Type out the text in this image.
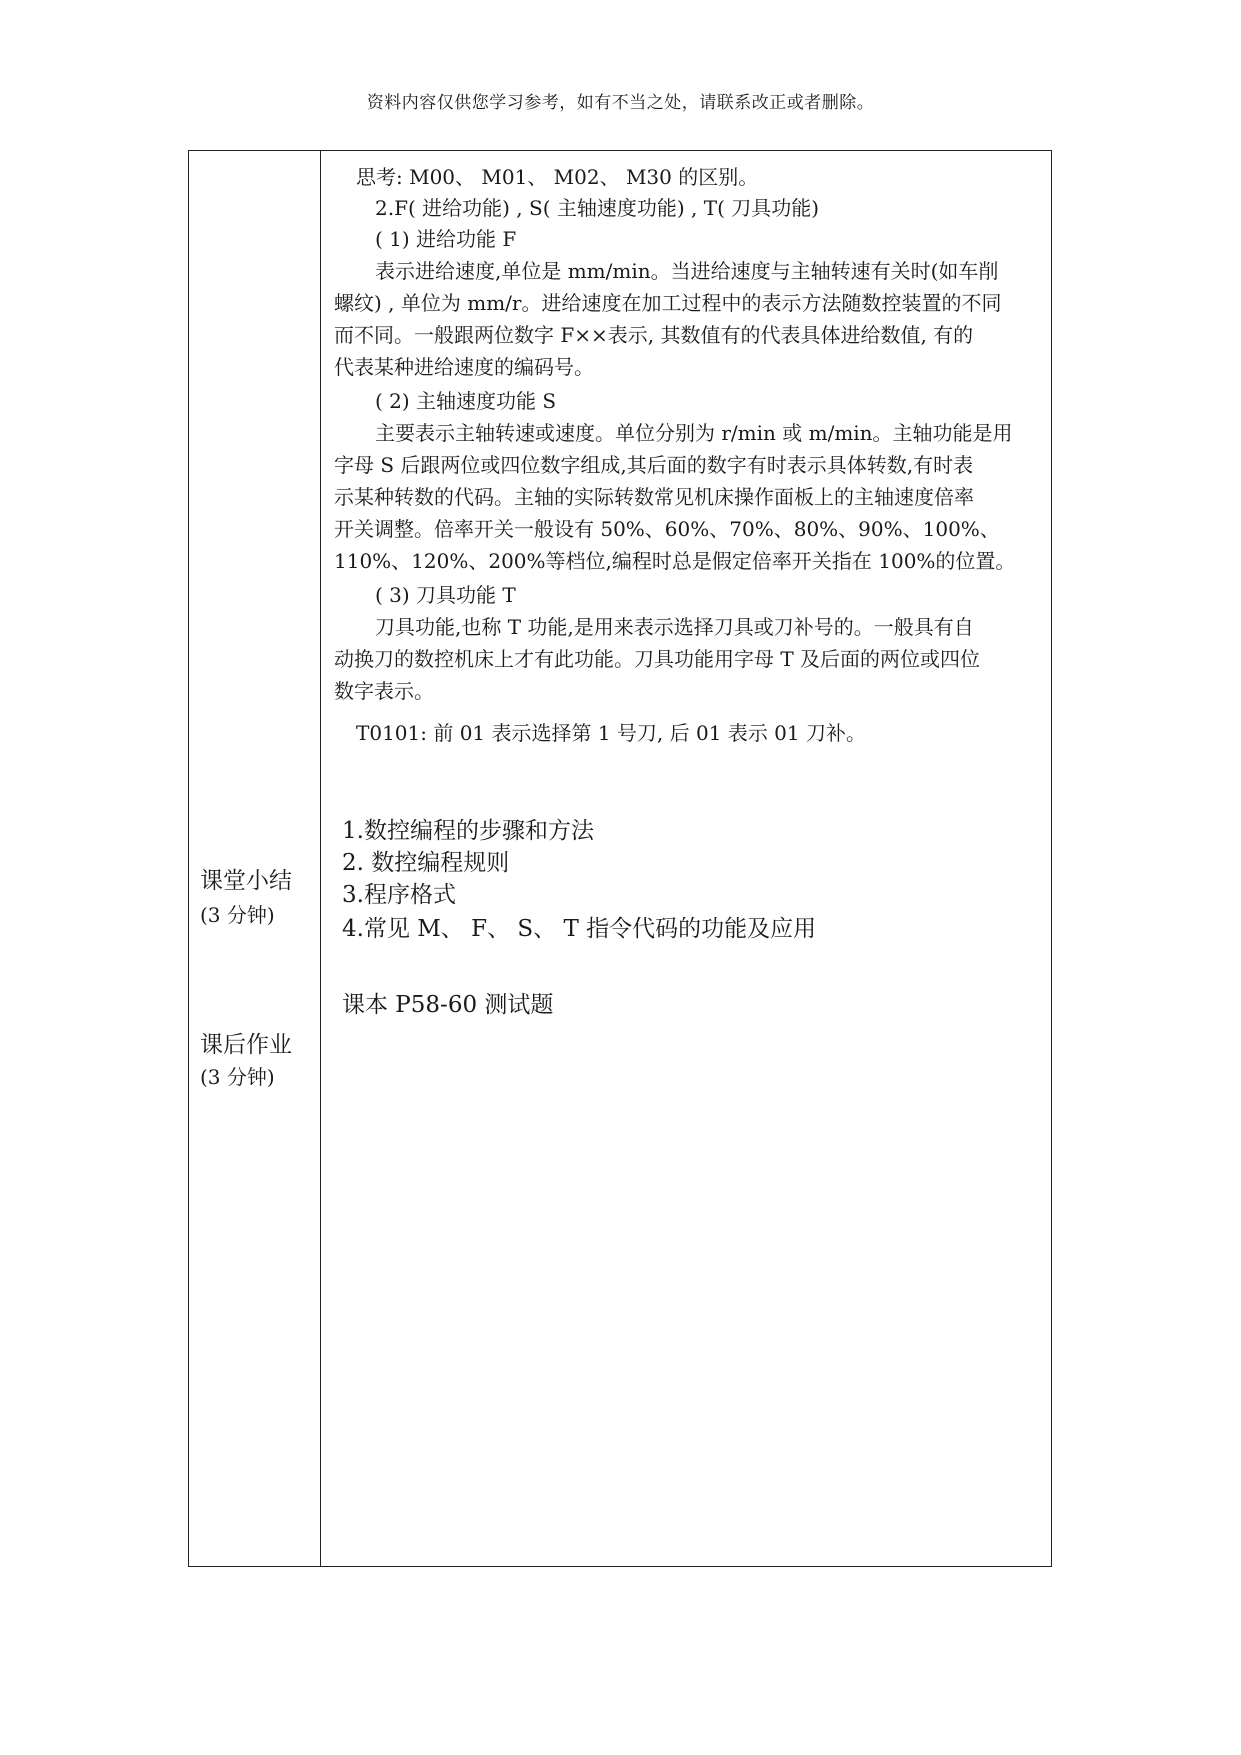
资料内容仅供您学习参考，如有不当之处，请联系改正或者删除。
思考: M00、 M01、 M02、 M30 的区别。
2.F( 进给功能) , S( 主轴速度功能) , T( 刀具功能)
( 1) 进给功能 F
表示进给速度,单位是 mm/min。当进给速度与主轴转速有关时(如车削
螺纹) , 单位为 mm/r。进给速度在加工过程中的表示方法随数控装置的不同
而不同。一般跟两位数字 F××表示, 其数值有的代表具体进给数值, 有的
代表某种进给速度的编码号。
( 2) 主轴速度功能 S
主要表示主轴转速或速度。单位分别为 r/min 或 m/min。主轴功能是用
字母 S 后跟两位或四位数字组成,其后面的数字有时表示具体转数,有时表
示某种转数的代码。主轴的实际转数常见机床操作面板上的主轴速度倍率
开关调整。倍率开关一般设有 50%、60%、70%、80%、90%、100%、
110%、120%、200%等档位,编程时总是假定倍率开关指在 100%的位置。
( 3) 刀具功能 T
刀具功能,也称 T 功能,是用来表示选择刀具或刀补号的。一般具有自
动换刀的数控机床上才有此功能。刀具功能用字母 T 及后面的两位或四位
数字表示。
T0101: 前 01 表示选择第 1 号刀, 后 01 表示 01 刀补。
1.数控编程的步骤和方法
2. 数控编程规则
3.程序格式
4.常见 M、 F、 S、 T 指令代码的功能及应用
课本 P58-60 测试题
课堂小结
(3 分钟)
课后作业
(3 分钟)
